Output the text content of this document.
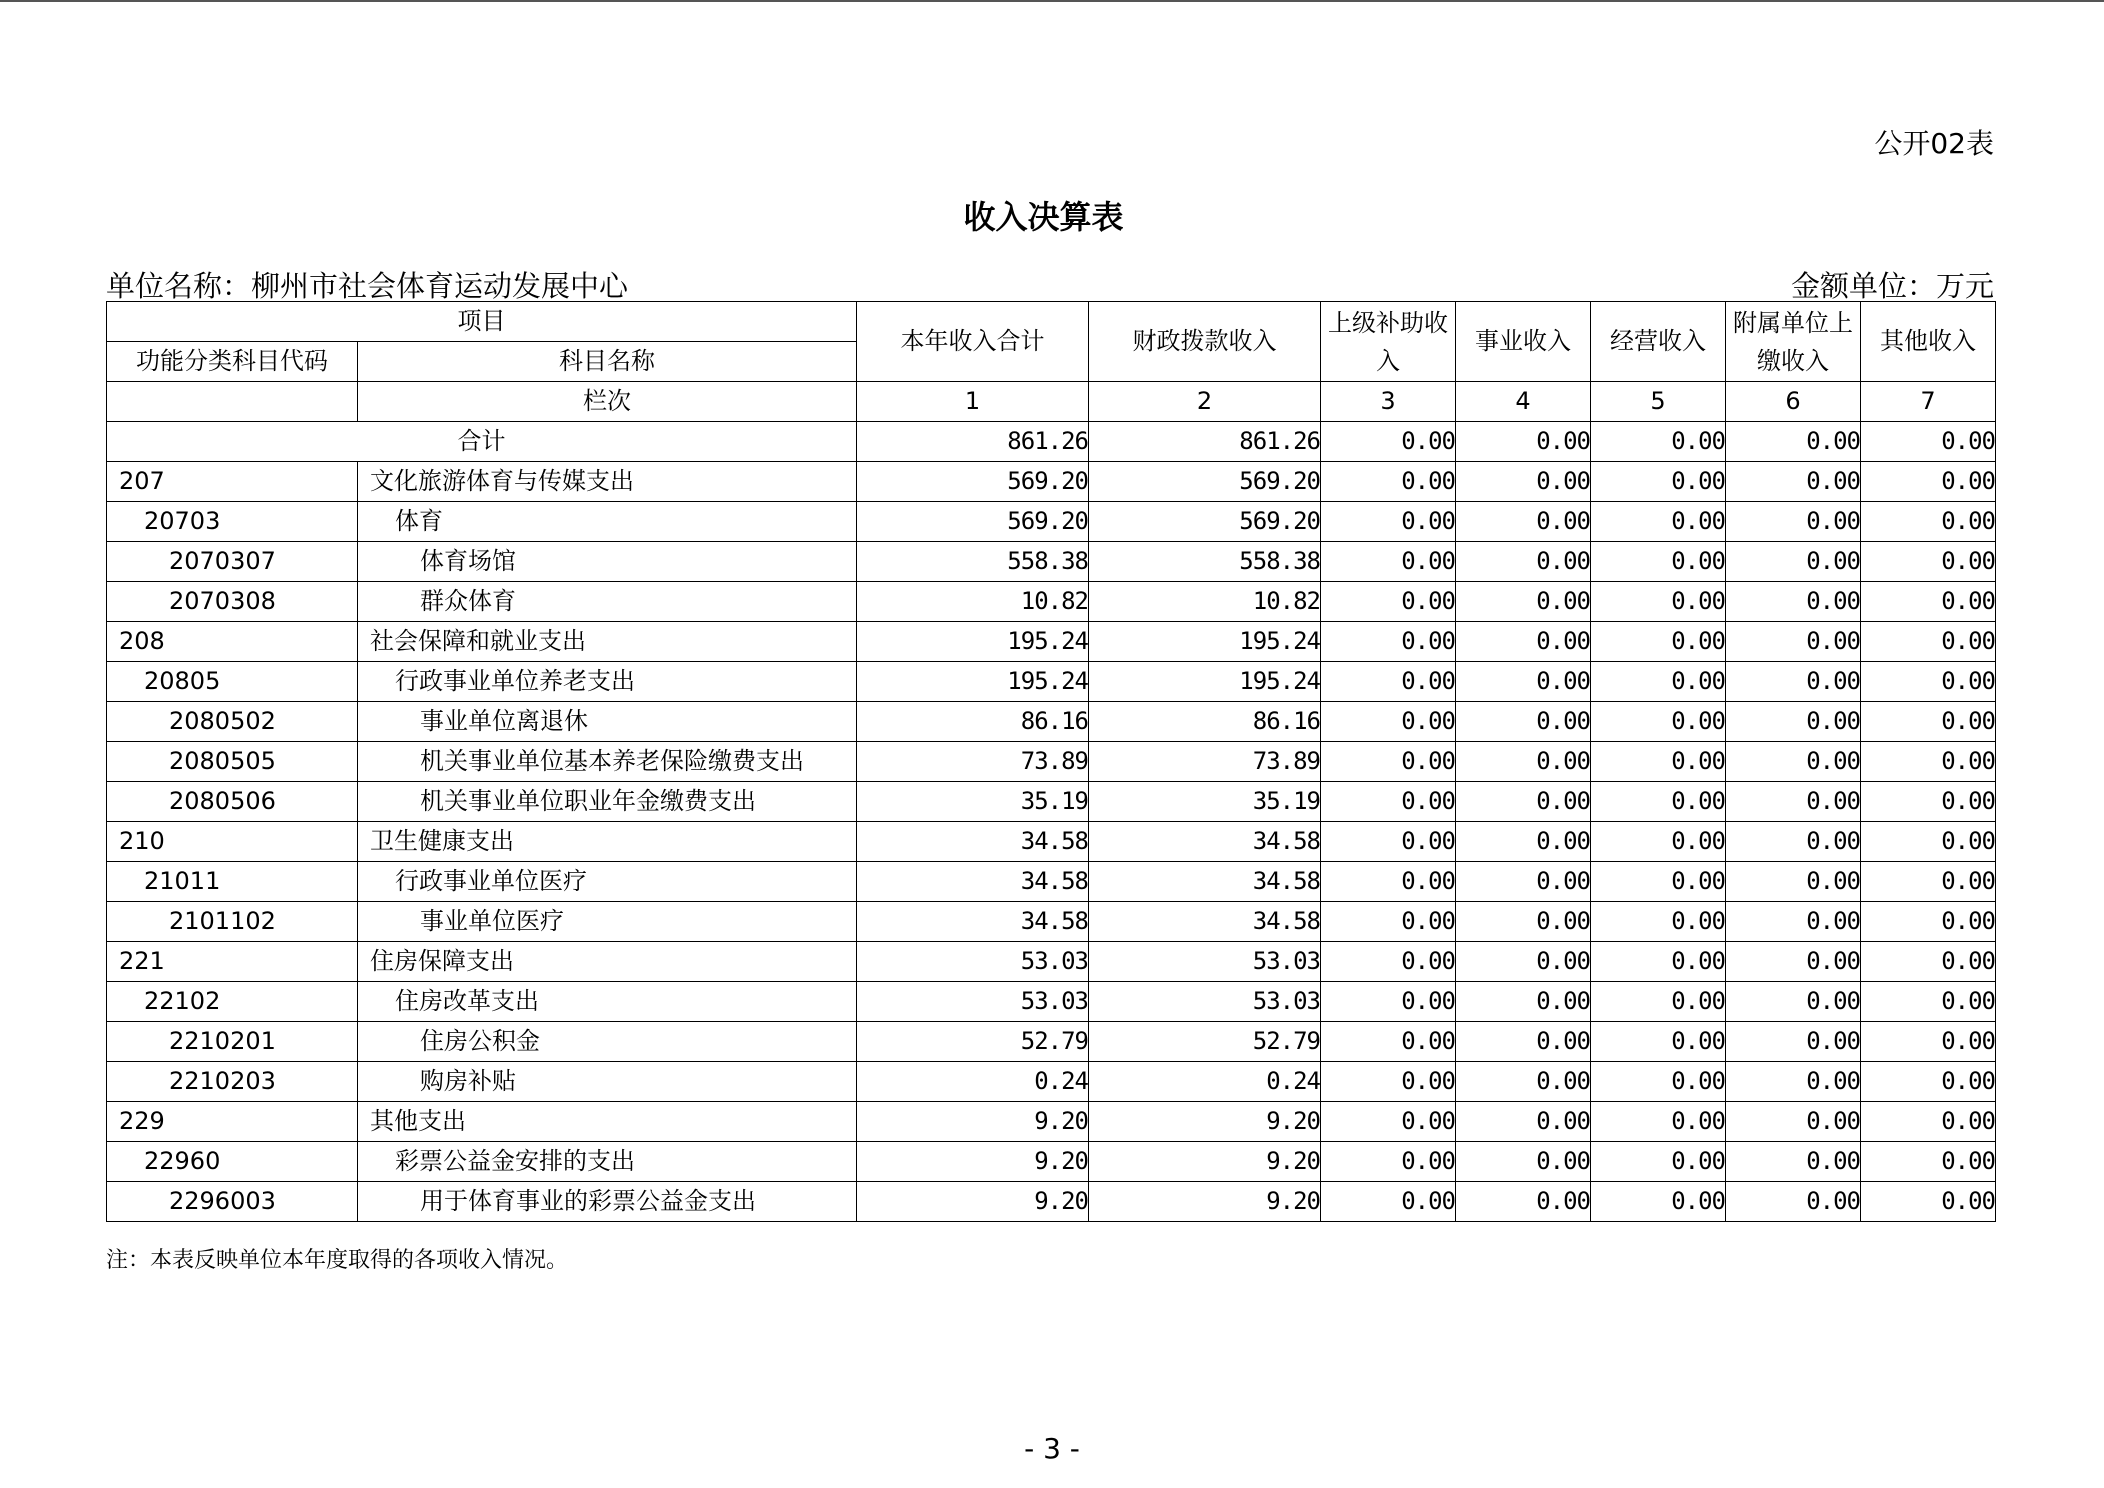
公开02表
收入决算表
单位名称：柳州市社会体育运动发展中心	金额单位：万元
项目		本年收入合计	财政拨款收入	上级补助收入	事业收入	经营收入	附属单位上缴收入	其他收入
功能分类科目代码	科目名称							
	栏次	1	2	3	4	5	6	7
合计		861.26	861.26	0.00	0.00	0.00	0.00	0.00
207	文化旅游体育与传媒支出	569.20	569.20	0.00	0.00	0.00	0.00	0.00
20703	体育	569.20	569.20	0.00	0.00	0.00	0.00	0.00
2070307	体育场馆	558.38	558.38	0.00	0.00	0.00	0.00	0.00
2070308	群众体育	10.82	10.82	0.00	0.00	0.00	0.00	0.00
208	社会保障和就业支出	195.24	195.24	0.00	0.00	0.00	0.00	0.00
20805	行政事业单位养老支出	195.24	195.24	0.00	0.00	0.00	0.00	0.00
2080502	事业单位离退休	86.16	86.16	0.00	0.00	0.00	0.00	0.00
2080505	机关事业单位基本养老保险缴费支出	73.89	73.89	0.00	0.00	0.00	0.00	0.00
2080506	机关事业单位职业年金缴费支出	35.19	35.19	0.00	0.00	0.00	0.00	0.00
210	卫生健康支出	34.58	34.58	0.00	0.00	0.00	0.00	0.00
21011	行政事业单位医疗	34.58	34.58	0.00	0.00	0.00	0.00	0.00
2101102	事业单位医疗	34.58	34.58	0.00	0.00	0.00	0.00	0.00
221	住房保障支出	53.03	53.03	0.00	0.00	0.00	0.00	0.00
22102	住房改革支出	53.03	53.03	0.00	0.00	0.00	0.00	0.00
2210201	住房公积金	52.79	52.79	0.00	0.00	0.00	0.00	0.00
2210203	购房补贴	0.24	0.24	0.00	0.00	0.00	0.00	0.00
229	其他支出	9.20	9.20	0.00	0.00	0.00	0.00	0.00
22960	彩票公益金安排的支出	9.20	9.20	0.00	0.00	0.00	0.00	0.00
2296003	用于体育事业的彩票公益金支出	9.20	9.20	0.00	0.00	0.00	0.00	0.00
注：本表反映单位本年度取得的各项收入情况。
- 3 -
